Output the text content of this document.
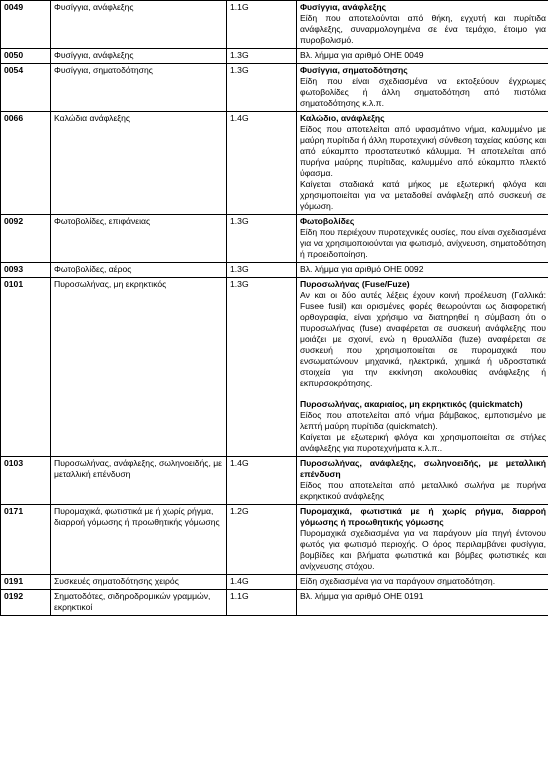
0049	Φυσίγγια, ανάφλεξης	1.1G	Φυσίγγια, ανάφλεξης
Είδη που αποτελούνται από θήκη, εγχυτή και πυρίτιδα ανάφλεξης, συναρμολογημένα σε ένα τεμάχιο, έτοιμο για πυροβολισμό.

0050	Φυσίγγια, ανάφλεξης	1.3G	Βλ. λήμμα για αριθμό ΟΗΕ 0049

0054	Φυσίγγια, σηματοδότησης	1.3G	Φυσίγγια, σηματοδότησης
Είδη που είναι σχεδιασμένα να εκτοξεύουν έγχρωμες φωτοβολίδες ή άλλη σηματοδότηση από πιστόλια σηματοδότησης κ.λ.π.

0066	Καλώδια ανάφλεξης	1.4G	Καλώδιο, ανάφλεξης
Είδος που αποτελείται από υφασμάτινο νήμα, καλυμμένο με μαύρη πυρίτιδα ή άλλη πυροτεχνική σύνθεση ταχείας καύσης και από εύκαμπτο προστατευτικό κάλυμμα. Ή αποτελείται από πυρήνα μαύρης πυρίτιδας, καλυμμένο από εύκαμπτο πλεκτό ύφασμα.
Καίγεται σταδιακά κατά μήκος με εξωτερική φλόγα και χρησιμοποιείται για να μεταδοθεί ανάφλεξη από συσκευή σε γόμωση.

0092	Φωτοβολίδες, επιφάνειας	1.3G	Φωτοβολίδες
Είδη που περιέχουν πυροτεχνικές ουσίες, που είναι σχεδιασμένα για να χρησιμοποιούνται για φωτισμό, ανίχνευση, σηματοδότηση ή προειδοποίηση.

0093	Φωτοβολίδες, αέρος	1.3G	Βλ. λήμμα για αριθμό ΟΗΕ 0092

0101	Πυροσωλήνας, μη εκρηκτικός	1.3G	Πυροσωλήνας (Fuse/Fuze)
Αν και οι δύο αυτές λέξεις έχουν κοινή προέλευση (Γαλλικά: Fusee fusil) και ορισμένες φορές θεωρούνται ως διαφορετική ορθογραφία, είναι χρήσιμο να διατηρηθεί η σύμβαση ότι ο πυροσωλήνας (fuse) αναφέρεται σε συσκευή ανάφλεξης που μοιάζει με σχοινί, ενώ η θρυαλλίδα (fuze) αναφέρεται σε συσκευή που χρησιμοποιείται σε πυρομαχικά που ενσωματώνουν μηχανικά, ηλεκτρικά, χημικά ή υδροστατικά στοιχεία για την εκκίνηση ακολουθίας ανάφλεξης ή εκπυρσοκρότησης.
Πυροσωλήνας, ακαριαίος, μη εκρηκτικός (quickmatch)
Είδος που αποτελείται από νήμα βάμβακος, εμποτισμένο με λεπτή μαύρη πυρίτιδα (quickmatch).
Καίγεται με εξωτερική φλόγα και χρησιμοποιείται σε στήλες ανάφλεξης για πυροτεχνήματα κ.λ.π..

0103	Πυροσωλήνας, ανάφλεξης, σωληνοειδής, με μεταλλική επένδυση	1.4G	Πυροσωλήνας, ανάφλεξης, σωληνοειδής, με μεταλλική επένδυση
Είδος που αποτελείται από μεταλλικό σωλήνα με πυρήνα εκρηκτικού ανάφλεξης

0171	Πυρομαχικά, φωτιστικά με ή χωρίς ρήγμα, διαρροή γόμωσης ή προωθητικής γόμωσης	1.2G	Πυρομαχικά, φωτιστικά με ή χωρίς ρήγμα, διαρροή γόμωσης ή προωθητικής γόμωσης
Πυρομαχικά σχεδιασμένα για να παράγουν μία πηγή έντονου φωτός για φωτισμό περιοχής. Ο όρος περιλαμβάνει φυσίγγια, βομβίδες και βλήματα φωτιστικά και βόμβες φωτιστικές και ανίχνευσης στόχου.

0191	Συσκευές σηματοδότησης χειρός	1.4G	Είδη σχεδιασμένα για να παράγουν σηματοδότηση.

0192	Σηματοδότες, σιδηροδρομικών γραμμών, εκρηκτικοί	1.1G	Βλ. λήμμα για αριθμό ΟΗΕ 0191
